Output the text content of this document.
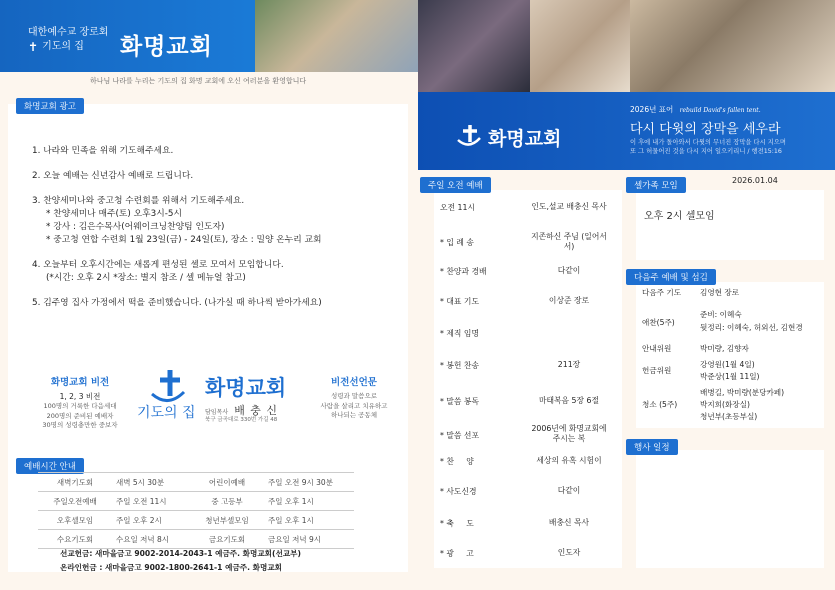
대한예수교 장로회
✝ 기도의 집 화명교회
하나님 나라를 누리는 기도의 집 화명 교회에 오신 여러분을 환영합니다
화명교회 광고

1. 나라와 민족을 위해 기도해주세요.

2. 오늘 예배는 신년감사 예배로 드립니다.

3. 찬양세미나와 중고청 수련회를 위해서 기도해주세요.
* 찬양세미나 매주(토) 오후3시-5시
* 강사 : 김은수목사(어웨이크닝찬양팀 인도자)
* 중고청 연합 수련회 1월 23일(금) - 24일(토), 장소 : 밀양 온누리 교회
4. 오늘부터 오후시간에는 새롭게 편성된 셀로 모여서 모임합니다.
(*시간: 오후 2시 *장소: 별지 참조 / 셀 메뉴얼 참고)

5. 김주영 집사 가정에서 떡을 준비했습니다. (나가실 때 하나씩 받아가세요)

화명교회 비전
1, 2, 3 비전
100명의 거룩한 다음세대
200명의 준비된 예배자
30명의 성령충만한 중보자
기도의 집
화명교회
담임목사 배 충 신
북구 금곡대로 330번 가길 48
비전선언문
성령과 말씀으로
사람을 살리고 치유하고
하나되는 공동체
예배시간 안내
새벽기도회	새벽 5시 30분	어린이예배	주일 오전 9시 30분
주일오전예배	주일 오전 11시	중 고등부	주일 오후 1시
오후셀모임	주일 오후 2시	청년부셀모임	주일 오후 1시
수요기도회	수요일 저녁 8시	금요기도회	금요일 저녁 9시
선교헌금: 새마을금고 9002-2014-2043-1 예금주. 화명교회(선교부)
온라인헌금 : 새마을금고 9002-1800-2641-1 예금주. 화명교회
화명교회
2026년 표어 rebuild David's fallen tent.
다시 다윗의 장막을 세우라
이 후에 내가 돌아와서 다윗의 무너진 장막을 다시 지으며
또 그 허물어진 것을 다시 지어 일으키리니 / 행전15:16
주일 오전 예배
오전 11시	인도,설교 배충신 목사
* 입 례 송
지존하신 주님 (일어서서)
* 찬양과 경배	다같이
* 대표 기도	이상준 장로
* 제직 임명
* 봉헌 찬송	211장
* 말씀 봉독	마태복음 5장 6절
* 말씀 선포
2006년에 화명교회에 주시는 복
* 찬     양	세상의 유혹 시험이
* 사도신경	다같이
* 축     도	배충신 목사
* 광     고	인도자
셀가족 모임
2026.01.04
오후 2시 셀모임
다음주 예배 및 섬김
다음주 기도 김영현 장로
애찬(5주)
준비: 이혜숙
뒷정리: 이혜숙, 허외선, 김현경
안내위원	박미량, 김향자
헌금위원
강영원(1월 4일)
박준상(1월 11일)
청소 (5주)
배병길, 박미량(분당카페)
박지희(화장실)
청년부(초등부실)
행사 일정
